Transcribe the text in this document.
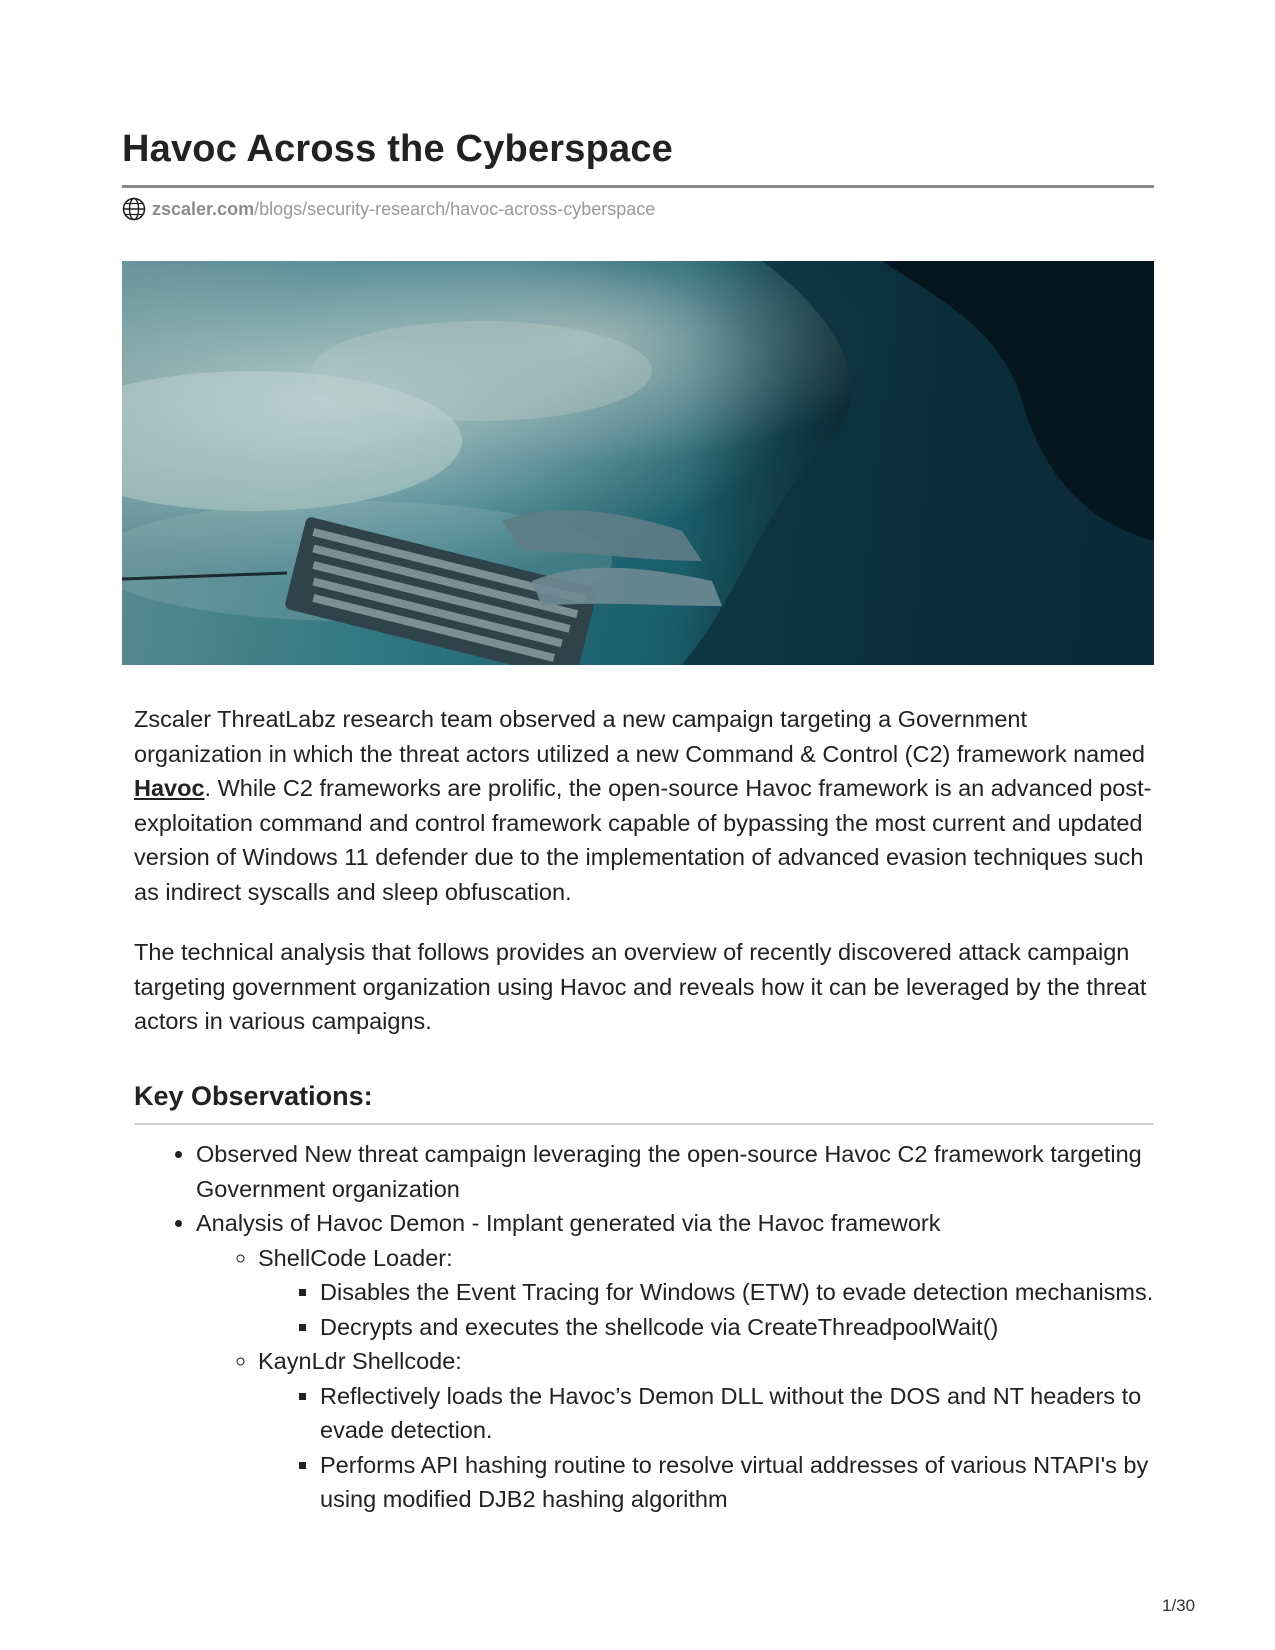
Havoc Across the Cyberspace
zscaler.com /blogs/security-research/havoc-across-cyberspace

Zscaler ThreatLabz research team observed a new campaign targeting a Government organization in which the threat actors utilized a new Command & Control (C2) framework named Havoc. While C2 frameworks are prolific, the open-source Havoc framework is an advanced post-exploitation command and control framework capable of bypassing the most current and updated version of Windows 11 defender due to the implementation of advanced evasion techniques such as indirect syscalls and sleep obfuscation.

The technical analysis that follows provides an overview of recently discovered attack campaign targeting government organization using Havoc and reveals how it can be leveraged by the threat actors in various campaigns.

Key Observations:
• Observed New threat campaign leveraging the open-source Havoc C2 framework targeting Government organization
• Analysis of Havoc Demon - Implant generated via the Havoc framework
◦ ShellCode Loader:
▪ Disables the Event Tracing for Windows (ETW) to evade detection mechanisms.
▪ Decrypts and executes the shellcode via CreateThreadpoolWait()
◦ KaynLdr Shellcode:
▪ Reflectively loads the Havoc’s Demon DLL without the DOS and NT headers to evade detection.
▪ Performs API hashing routine to resolve virtual addresses of various NTAPI's by using modified DJB2 hashing algorithm
1/30
